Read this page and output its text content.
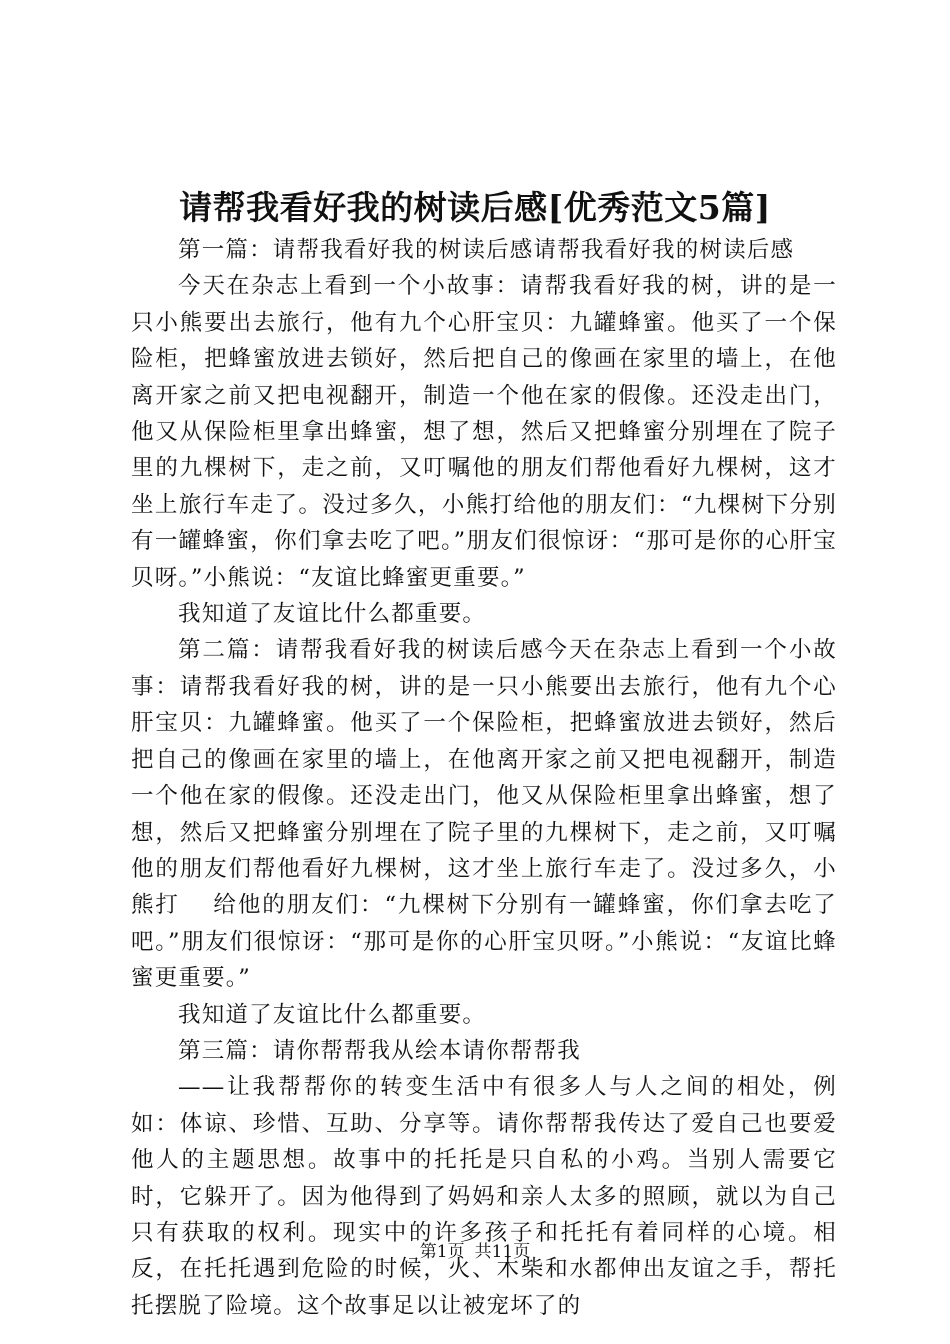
请帮我看好我的树读后感[优秀范文5篇]

第一篇：请帮我看好我的树读后感请帮我看好我的树读后感

今天在杂志上看到一个小故事：请帮我看好我的树，讲的是一只小熊要出去旅行，他有九个心肝宝贝：九罐蜂蜜。他买了一个保险柜，把蜂蜜放进去锁好，然后把自己的像画在家里的墙上，在他离开家之前又把电视翻开，制造一个他在家的假像。还没走出门，他又从保险柜里拿出蜂蜜，想了想，然后又把蜂蜜分别埋在了院子里的九棵树下，走之前，又叮嘱他的朋友们帮他看好九棵树，这才坐上旅行车走了。没过多久，小熊打给他的朋友们：“九棵树下分别有一罐蜂蜜，你们拿去吃了吧。”朋友们很惊讶：“那可是你的心肝宝贝呀。”小熊说：“友谊比蜂蜜更重要。”

我知道了友谊比什么都重要。

第二篇：请帮我看好我的树读后感今天在杂志上看到一个小故事：请帮我看好我的树，讲的是一只小熊要出去旅行，他有九个心肝宝贝：九罐蜂蜜。他买了一个保险柜，把蜂蜜放进去锁好，然后把自己的像画在家里的墙上，在他离开家之前又把电视翻开，制造一个他在家的假像。还没走出门，他又从保险柜里拿出蜂蜜，想了想，然后又把蜂蜜分别埋在了院子里的九棵树下，走之前，又叮嘱他的朋友们帮他看好九棵树，这才坐上旅行车走了。没过多久，小熊打　 给他的朋友们：“九棵树下分别有一罐蜂蜜，你们拿去吃了吧。”朋友们很惊讶：“那可是你的心肝宝贝呀。”小熊说：“友谊比蜂蜜更重要。”

我知道了友谊比什么都重要。

第三篇：请你帮帮我从绘本请你帮帮我

——让我帮帮你的转变生活中有很多人与人之间的相处，例如：体谅、珍惜、互助、分享等。请你帮帮我传达了爱自己也要爱他人的主题思想。故事中的托托是只自私的小鸡。当别人需要它时，它躲开了。因为他得到了妈妈和亲人太多的照顾，就以为自己只有获取的权利。现实中的许多孩子和托托有着同样的心境。相反，在托托遇到危险的时候，火、木柴和水都伸出友谊之手，帮托托摆脱了险境。这个故事足以让被宠坏了的

第1页 共11页
